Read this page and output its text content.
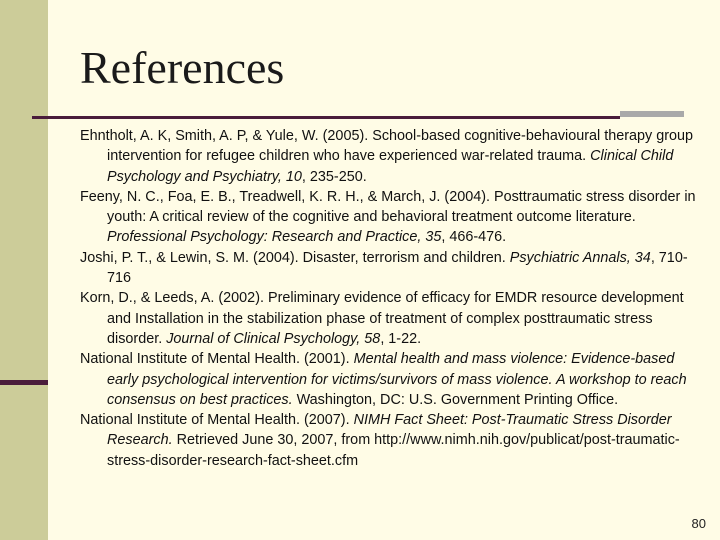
References

Ehntholt, A. K, Smith, A. P, & Yule, W. (2005). School-based cognitive-behavioural therapy group intervention for refugee children who have experienced war-related trauma. Clinical Child Psychology and Psychiatry, 10, 235-250.

Feeny, N. C., Foa, E. B., Treadwell, K. R. H., & March, J. (2004). Posttraumatic stress disorder in youth: A critical review of the cognitive and behavioral treatment outcome literature. Professional Psychology: Research and Practice, 35, 466-476.

Joshi, P. T., & Lewin, S. M. (2004). Disaster, terrorism and children. Psychiatric Annals, 34, 710-716

Korn, D., & Leeds, A. (2002). Preliminary evidence of efficacy for EMDR resource development and Installation in the stabilization phase of treatment of complex posttraumatic stress disorder. Journal of Clinical Psychology, 58, 1-22.

National Institute of Mental Health. (2001). Mental health and mass violence: Evidence-based early psychological intervention for victims/survivors of mass violence. A workshop to reach consensus on best practices. Washington, DC: U.S. Government Printing Office.

National Institute of Mental Health. (2007). NIMH Fact Sheet: Post-Traumatic Stress Disorder Research. Retrieved June 30, 2007, from http://www.nimh.nih.gov/publicat/post-traumatic-stress-disorder-research-fact-sheet.cfm

80
